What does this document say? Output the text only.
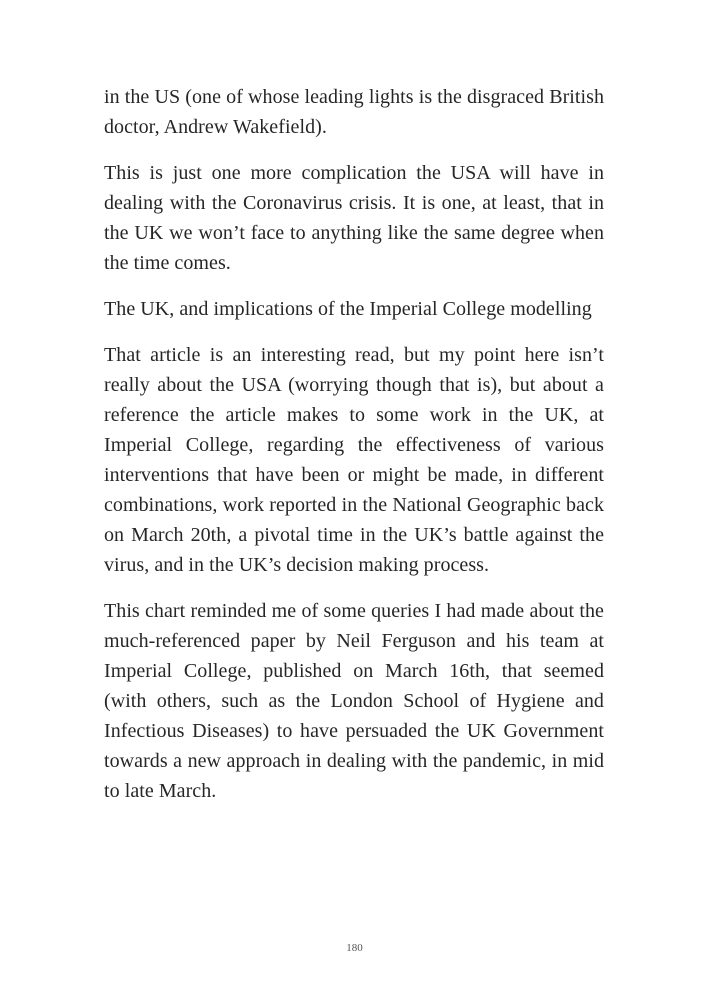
in the US (one of whose leading lights is the disgraced British doctor, Andrew Wakefield).

This is just one more complication the USA will have in dealing with the Coronavirus crisis. It is one, at least, that in the UK we won’t face to anything like the same degree when the time comes.

The UK, and implications of the Imperial College modelling

That article is an interesting read, but my point here isn’t really about the USA (worrying though that is), but about a reference the article makes to some work in the UK, at Imperial College, regarding the effectiveness of various interventions that have been or might be made, in different combinations, work reported in the National Geographic back on March 20th, a pivotal time in the UK’s battle against the virus, and in the UK’s decision making process.

This chart reminded me of some queries I had made about the much-referenced paper by Neil Ferguson and his team at Imperial College, published on March 16th, that seemed (with others, such as the London School of Hygiene and Infectious Diseases) to have persuaded the UK Government towards a new approach in dealing with the pandemic, in mid to late March.

180
